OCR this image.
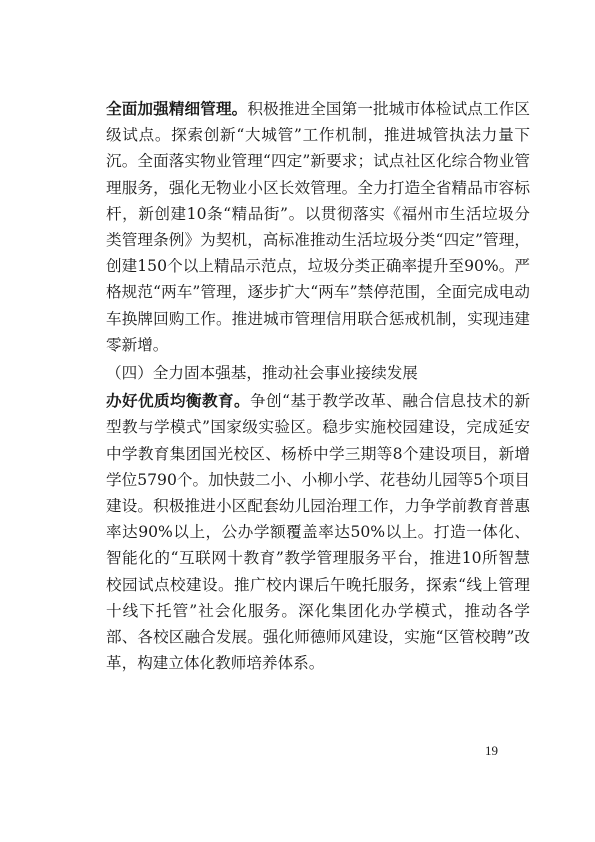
全面加强精细管理。积极推进全国第一批城市体检试点工作区级试点。探索创新“大城管”工作机制，推进城管执法力量下沉。全面落实物业管理“四定”新要求；试点社区化综合物业管理服务，强化无物业小区长效管理。全力打造全省精品市容标杆，新创建10条“精品街”。以贯彻落实《福州市生活垃圾分类管理条例》为契机，高标准推动生活垃圾分类“四定”管理，创建150个以上精品示范点，垃圾分类正确率提升至90%。严格规范“两车”管理，逐步扩大“两车”禁停范围，全面完成电动车换牌回购工作。推进城市管理信用联合惩戒机制，实现违建零新增。

（四）全力固本强基，推动社会事业接续发展

办好优质均衡教育。争创“基于教学改革、融合信息技术的新型教与学模式”国家级实验区。稳步实施校园建设，完成延安中学教育集团国光校区、杨桥中学三期等8个建设项目，新增学位5790个。加快鼓二小、小柳小学、花巷幼儿园等5个项目建设。积极推进小区配套幼儿园治理工作，力争学前教育普惠率达90%以上，公办学额覆盖率达50%以上。打造一体化、智能化的“互联网十教育”教学管理服务平台，推进10所智慧校园试点校建设。推广校内课后午晚托服务，探索“线上管理十线下托管”社会化服务。深化集团化办学模式，推动各学部、各校区融合发展。强化师德师风建设，实施“区管校聘”改革，构建立体化教师培养体系。

19
